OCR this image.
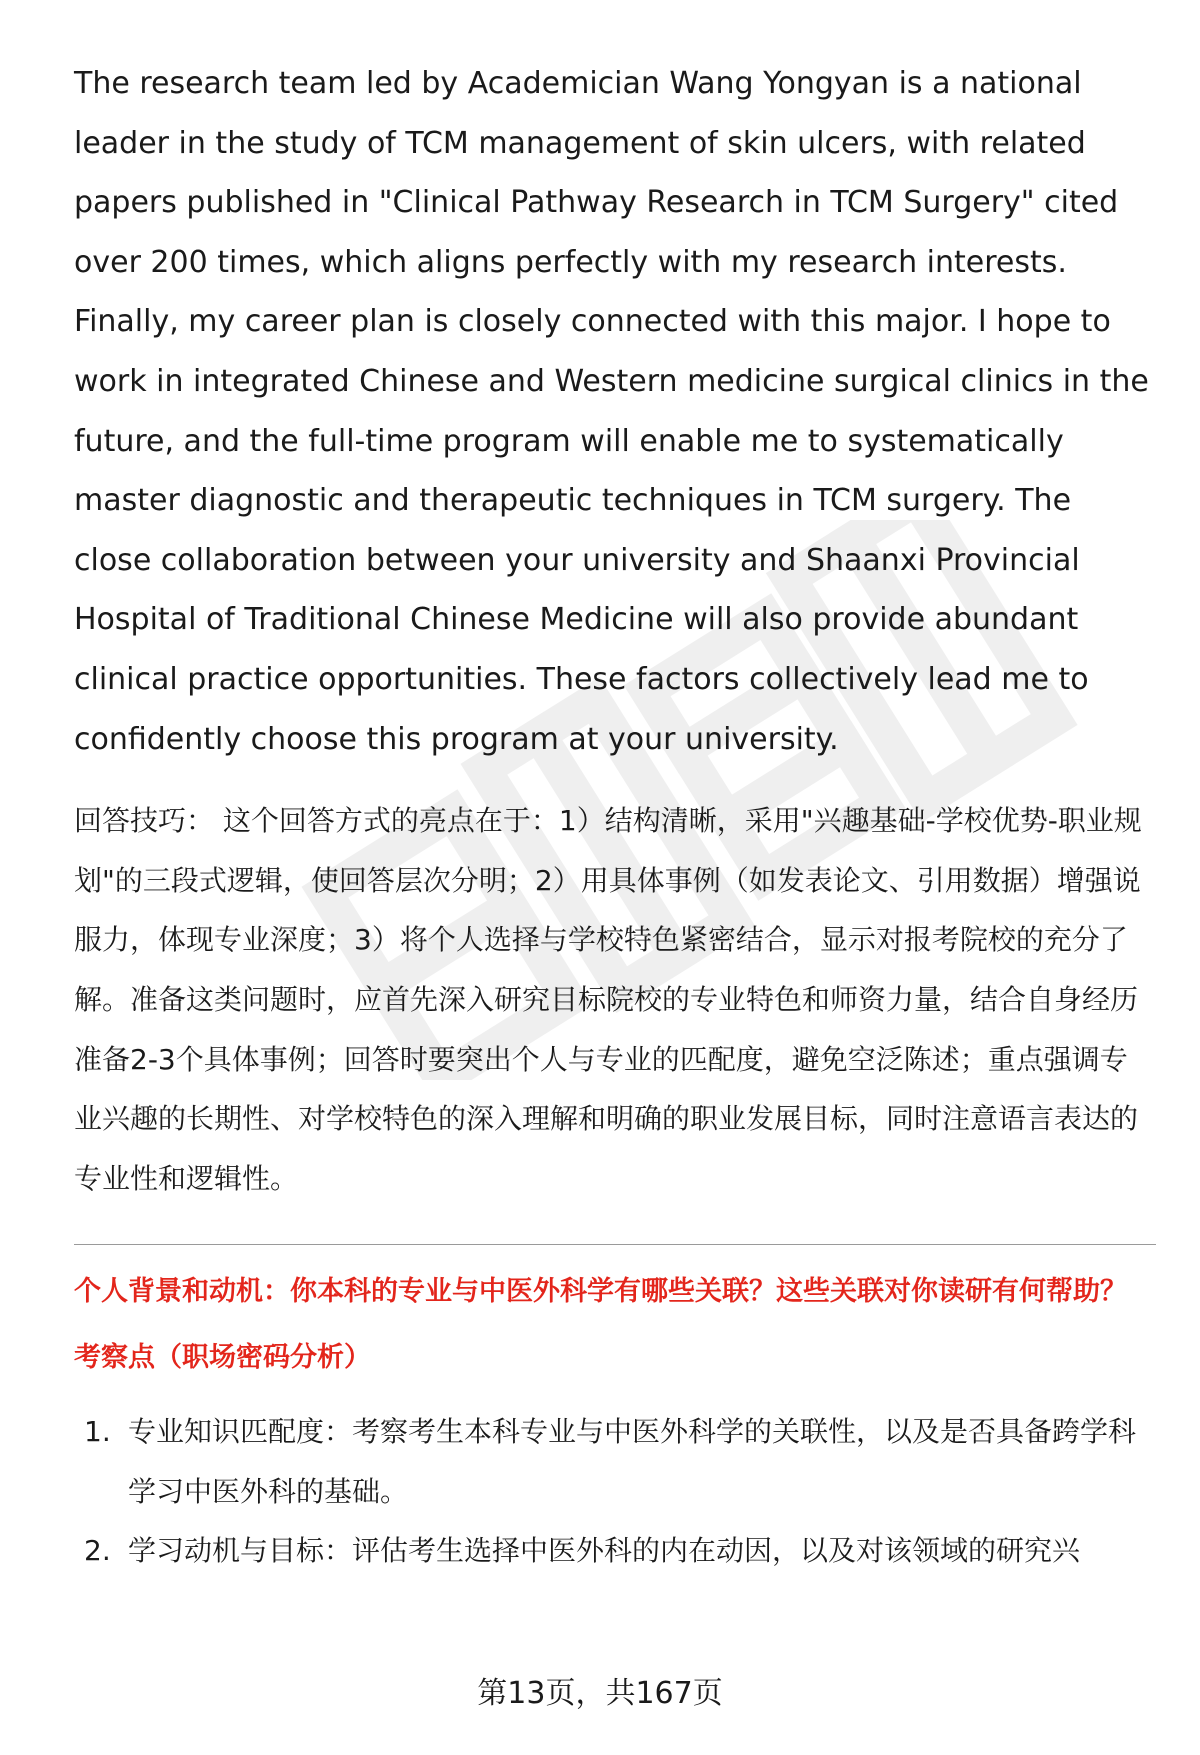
The research team led by Academician Wang Yongyan is a national leader in the study of TCM management of skin ulcers, with related papers published in "Clinical Pathway Research in TCM Surgery" cited over 200 times, which aligns perfectly with my research interests. Finally, my career plan is closely connected with this major. I hope to work in integrated Chinese and Western medicine surgical clinics in the future, and the full-time program will enable me to systematically master diagnostic and therapeutic techniques in TCM surgery. The close collaboration between your university and Shaanxi Provincial Hospital of Traditional Chinese Medicine will also provide abundant clinical practice opportunities. These factors collectively lead me to confidently choose this program at your university.

回答技巧： 这个回答方式的亮点在于：1）结构清晰，采用"兴趣基础-学校优势-职业规划"的三段式逻辑，使回答层次分明；2）用具体事例（如发表论文、引用数据）增强说服力，体现专业深度；3）将个人选择与学校特色紧密结合，显示对报考院校的充分了解。准备这类问题时，应首先深入研究目标院校的专业特色和师资力量，结合自身经历准备2-3个具体事例；回答时要突出个人与专业的匹配度，避免空泛陈述；重点强调专业兴趣的长期性、对学校特色的深入理解和明确的职业发展目标，同时注意语言表达的专业性和逻辑性。

个人背景和动机：你本科的专业与中医外科学有哪些关联？这些关联对你读研有何帮助？
考察点（职场密码分析）
1. 专业知识匹配度：考察考生本科专业与中医外科学的关联性，以及是否具备跨学科学习中医外科的基础。
2. 学习动机与目标：评估考生选择中医外科的内在动因，以及对该领域的研究兴
第13页，共167页
